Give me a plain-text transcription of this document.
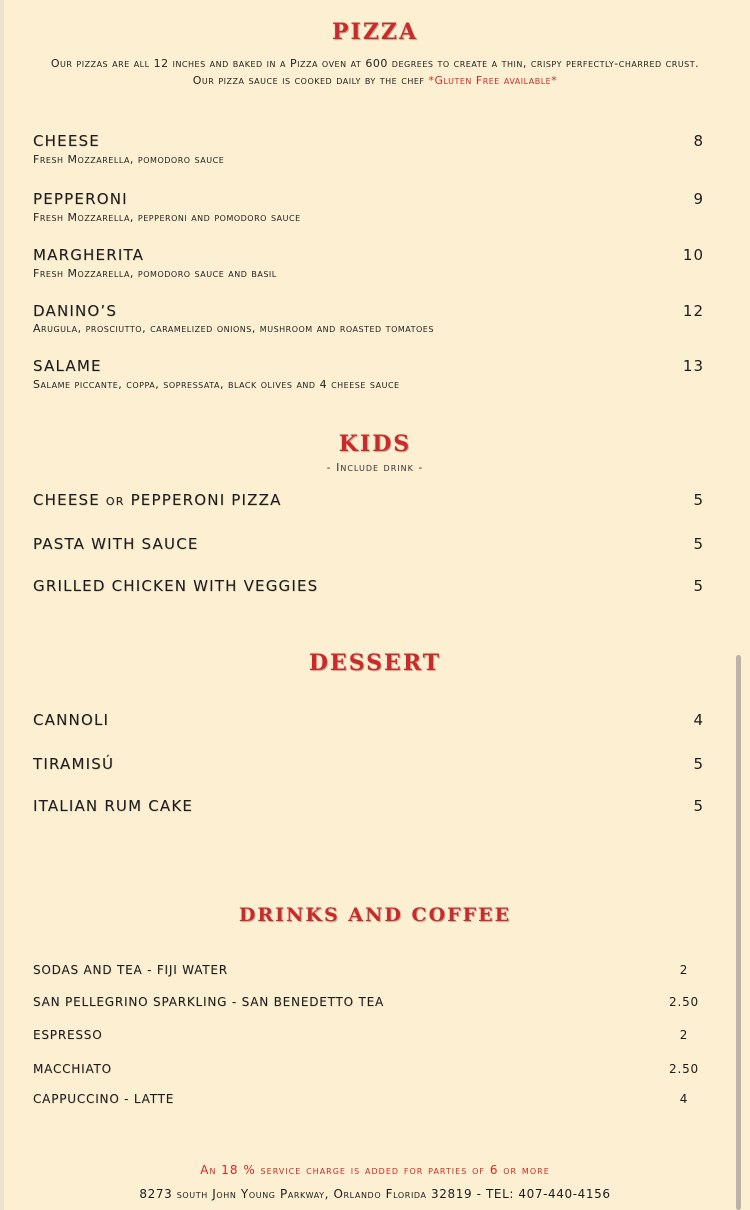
PIZZA
Our pizzas are all 12 inches and baked in a Pizza oven at 600 degrees to create a thin, crispy perfectly-charred crust.
Our pizza sauce is cooked daily by the chef *Gluten Free available*
CHEESE
Fresh Mozzarella, pomodoro sauce
8
PEPPERONI
Fresh Mozzarella, pepperoni and pomodoro sauce
9
MARGHERITA
Fresh Mozzarella, pomodoro sauce and basil
10
DANINO’S
Arugula, prosciutto, caramelized onions, mushroom and roasted tomatoes
12
SALAME
Salame piccante, coppa, sopressata, black olives and 4 cheese sauce
13
KIDS
- Include drink -
CHEESE or PEPPERONI PIZZA	5
PASTA WITH SAUCE	5
GRILLED CHICKEN WITH VEGGIES	5
DESSERT
CANNOLI	4
TIRAMISÚ	5
ITALIAN RUM CAKE	5
DRINKS AND COFFEE
SODAS AND TEA - FIJI WATER	2
SAN PELLEGRINO SPARKLING - SAN BENEDETTO TEA	2.50
ESPRESSO	2
MACCHIATO	2.50
CAPPUCCINO - LATTE	4
An 18 % service charge is added for parties of 6 or more
8273 south John Young Parkway, Orlando Florida 32819 - TEL: 407-440-4156
